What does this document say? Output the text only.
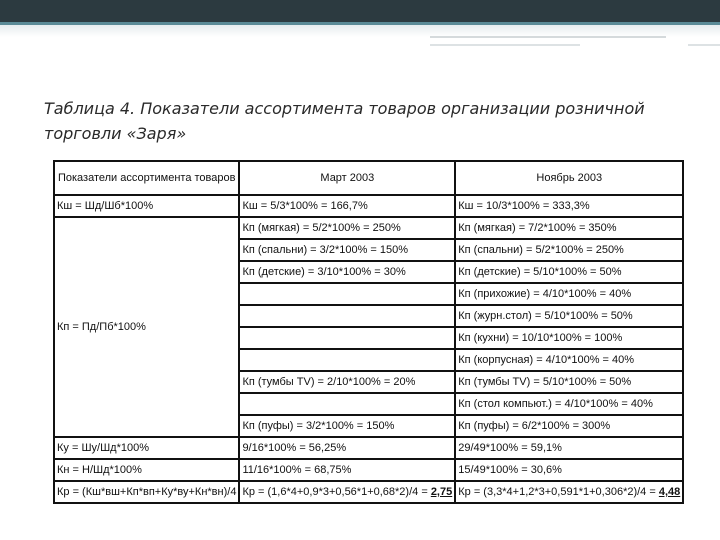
Таблица 4. Показатели ассортимента товаров организации розничной торговли «Заря»
Показатели ассортимента товаров	Март 2003	Ноябрь 2003
Кш = Шд/Шб*100%	Кш = 5/3*100% = 166,7%	Кш = 10/3*100% = 333,3%
Кп = Пд/Пб*100%	Кп (мягкая) = 5/2*100% = 250%	Кп (мягкая) = 7/2*100% = 350%
	Кп (спальни) = 3/2*100% = 150%	Кп (спальни) = 5/2*100% = 250%
	Кп (детские) = 3/10*100% = 30%	Кп (детские) = 5/10*100% = 50%
		Кп (прихожие) = 4/10*100% = 40%
		Кп (журн.стол) = 5/10*100% = 50%
		Кп (кухни) = 10/10*100% = 100%
		Кп (корпусная) = 4/10*100% = 40%
	Кп (тумбы TV) = 2/10*100% = 20%	Кп (тумбы TV) = 5/10*100% = 50%
		Кп (стол компьют.) = 4/10*100% = 40%
	Кп (пуфы) = 3/2*100% = 150%	Кп (пуфы) = 6/2*100% = 300%
Ку = Шу/Шд*100%	9/16*100% = 56,25%	29/49*100% = 59,1%
Кн = Н/Шд*100%	11/16*100% = 68,75%	15/49*100% = 30,6%
Кр = (Кш*вш+Кп*вп+Ку*ву+Кн*вн)/4	Кр = (1,6*4+0,9*3+0,56*1+0,68*2)/4 = 2,75	Кр = (3,3*4+1,2*3+0,591*1+0,306*2)/4 = 4,48
